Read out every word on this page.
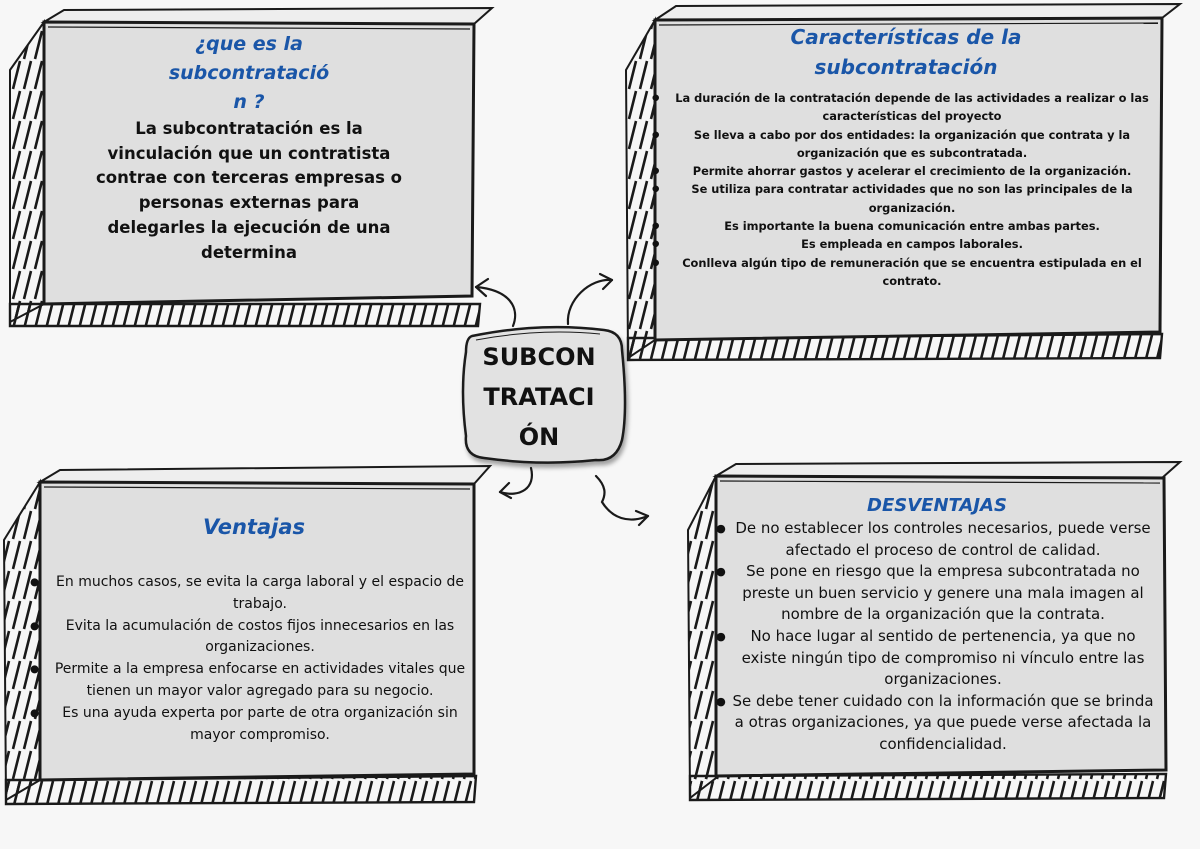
¿que es la
subcontratació
n ?
La subcontratación es la vinculación que un contratista contrae con terceras empresas o personas externas para delegarles la ejecución de una determina
Características de la
subcontratación
● La duración de la contratación depende de las actividades a realizar o las características del proyecto
● Se lleva a cabo por dos entidades: la organización que contrata y la organización que es subcontratada.
● Permite ahorrar gastos y acelerar el crecimiento de la organización.
● Se utiliza para contratar actividades que no son las principales de la organización.
● Es importante la buena comunicación entre ambas partes.
● Es empleada en campos laborales.
● Conlleva algún tipo de remuneración que se encuentra estipulada en el contrato.
SUBCON
TRATACI
ÓN
Ventajas
● En muchos casos, se evita la carga laboral y el espacio de trabajo.
● Evita la acumulación de costos fijos innecesarios en las organizaciones.
● Permite a la empresa enfocarse en actividades vitales que tienen un mayor valor agregado para su negocio.
● Es una ayuda experta por parte de otra organización sin mayor compromiso.
DESVENTAJAS
● De no establecer los controles necesarios, puede verse afectado el proceso de control de calidad.
● Se pone en riesgo que la empresa subcontratada no preste un buen servicio y genere una mala imagen al nombre de la organización que la contrata.
● No hace lugar al sentido de pertenencia, ya que no existe ningún tipo de compromiso ni vínculo entre las organizaciones.
● Se debe tener cuidado con la información que se brinda a otras organizaciones, ya que puede verse afectada la confidencialidad.
